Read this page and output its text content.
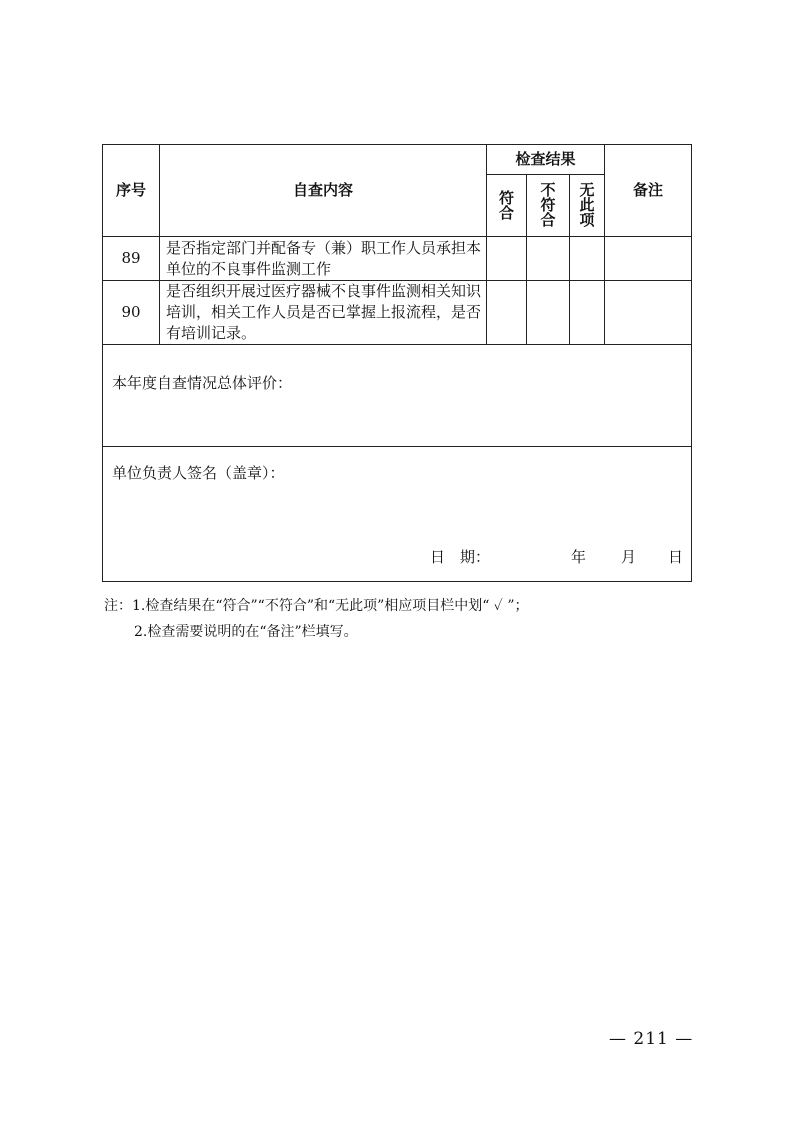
序号	自查内容	检查结果			备注

		符合	不符合	无此项	

89	是否指定部门并配备专（兼）职工作人员承担本单位的不良事件监测工作				
90	是否组织开展过医疗器械不良事件监测相关知识培训，相关工作人员是否已掌握上报流程，是否有培训记录。				

本年度自查情况总体评价：					

单位负责人签名（盖章）：
日　期： 年 月 日					
注：1.检查结果在“符合”“不符合”和“无此项”相应项目栏中划“ ✓ ”；
2.检查需要说明的在“备注”栏填写。
— 211 —
